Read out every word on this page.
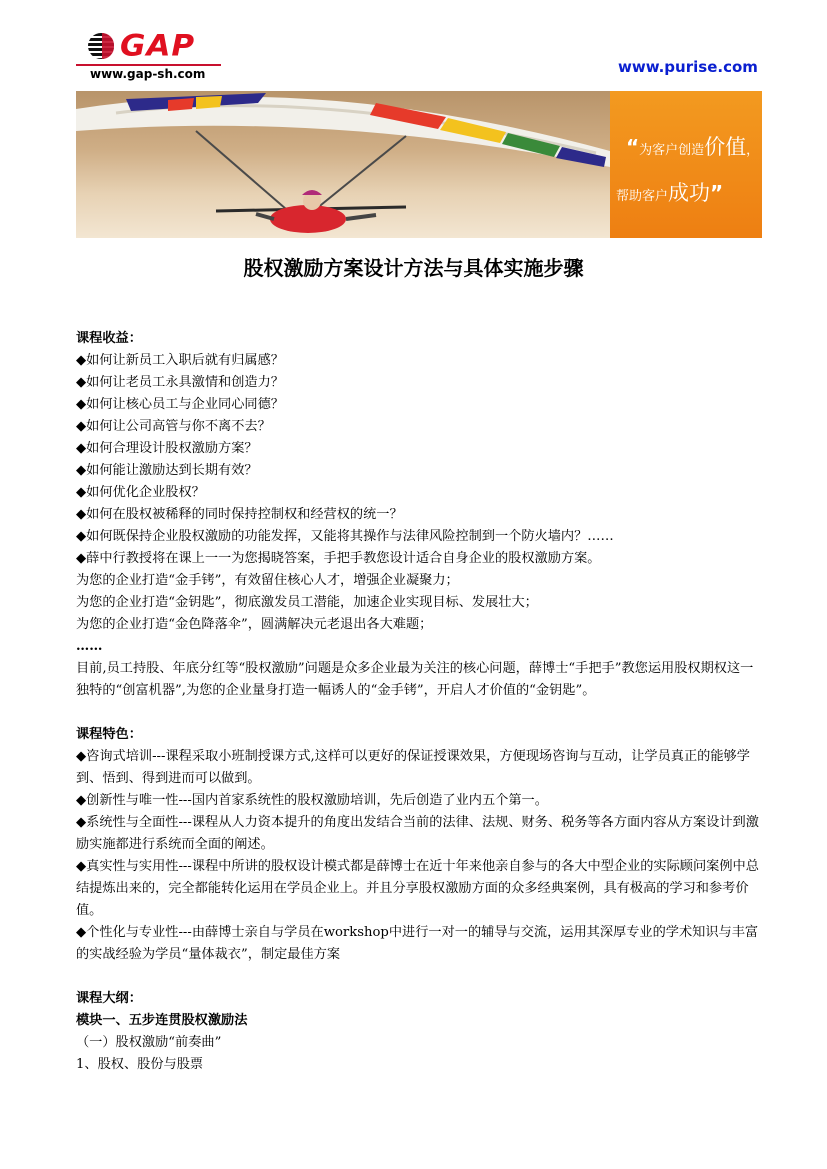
GAP
www.gap-sh.com	www.purise.com
“为客户创造价值，
帮助客户成功”
股权激励方案设计方法与具体实施步骤
课程收益：
◆如何让新员工入职后就有归属感？
◆如何让老员工永具激情和创造力？
◆如何让核心员工与企业同心同德？
◆如何让公司高管与你不离不去？
◆如何合理设计股权激励方案？
◆如何能让激励达到长期有效？
◆如何优化企业股权？
◆如何在股权被稀释的同时保持控制权和经营权的统一？
◆如何既保持企业股权激励的功能发挥，又能将其操作与法律风险控制到一个防火墙内？……
◆薛中行教授将在课上一一为您揭晓答案，手把手教您设计适合自身企业的股权激励方案。
为您的企业打造“金手铐”，有效留住核心人才，增强企业凝聚力；
为您的企业打造“金钥匙”，彻底激发员工潜能，加速企业实现目标、发展壮大；
为您的企业打造“金色降落伞”，圆满解决元老退出各大难题；
……
目前,员工持股、年底分红等“股权激励”问题是众多企业最为关注的核心问题，薛博士“手把手”教您运用股权期权这一独特的“创富机器”,为您的企业量身打造一幅诱人的“金手铐”，开启人才价值的“金钥匙”。
课程特色：
◆咨询式培训---课程采取小班制授课方式,这样可以更好的保证授课效果，方便现场咨询与互动，让学员真正的能够学到、悟到、得到进而可以做到。
◆创新性与唯一性---国内首家系统性的股权激励培训，先后创造了业内五个第一。
◆系统性与全面性---课程从人力资本提升的角度出发结合当前的法律、法规、财务、税务等各方面内容从方案设计到激励实施都进行系统而全面的阐述。
◆真实性与实用性---课程中所讲的股权设计模式都是薛博士在近十年来他亲自参与的各大中型企业的实际顾问案例中总结提炼出来的，完全都能转化运用在学员企业上。并且分享股权激励方面的众多经典案例，具有极高的学习和参考价值。
◆个性化与专业性---由薛博士亲自与学员在workshop中进行一对一的辅导与交流，运用其深厚专业的学术知识与丰富的实战经验为学员“量体裁衣”，制定最佳方案
课程大纲：
模块一、五步连贯股权激励法
（一）股权激励“前奏曲”
1、股权、股份与股票
